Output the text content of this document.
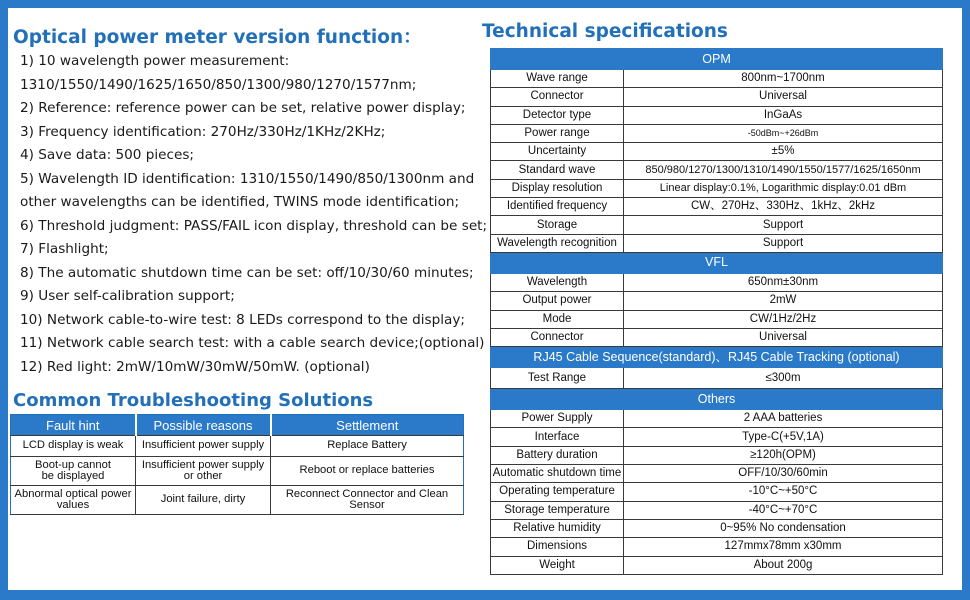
Optical power meter version function：
1) 10 wavelength power measurement:
1310/1550/1490/1625/1650/850/1300/980/1270/1577nm;
2) Reference: reference power can be set, relative power display;
3) Frequency identification: 270Hz/330Hz/1KHz/2KHz;
4) Save data: 500 pieces;
5) Wavelength ID identification: 1310/1550/1490/850/1300nm and
other wavelengths can be identified, TWINS mode identification;
6) Threshold judgment: PASS/FAIL icon display, threshold can be set;
7) Flashlight;
8) The automatic shutdown time can be set: off/10/30/60 minutes;
9) User self-calibration support;
10) Network cable-to-wire test: 8 LEDs correspond to the display;
11) Network cable search test: with a cable search device;(optional)
12) Red light: 2mW/10mW/30mW/50mW. (optional)
Common Troubleshooting Solutions
Fault hint	Possible reasons	Settlement
LCD display is weak	Insufficient power supply	Replace Battery
Boot-up cannot be displayed	Insufficient power supply or other	Reboot or replace batteries
Abnormal optical power values	Joint failure, dirty	Reconnect Connector and Clean Sensor
Technical specifications
OPM	
Wave range	800nm~1700nm
Connector	Universal
Detector type	InGaAs
Power range	-50dBm~+26dBm
Uncertainty	±5%
Standard wave	850/980/1270/1300/1310/1490/1550/1577/1625/1650nm
Display resolution	Linear display:0.1%, Logarithmic display:0.01 dBm
Identified frequency	CW、270Hz、330Hz、1kHz、2kHz
Storage	Support
Wavelength recognition	Support
VFL	
Wavelength	650nm±30nm
Output power	2mW
Mode	CW/1Hz/2Hz
Connector	Universal
RJ45 Cable Sequence(standard)、RJ45 Cable Tracking (optional)	
Test Range	≤300m
Others	
Power Supply	2 AAA batteries
Interface	Type-C(+5V,1A)
Battery duration	≥120h(OPM)
Automatic shutdown time	OFF/10/30/60min
Operating temperature	-10°C~+50°C
Storage temperature	-40°C~+70°C
Relative humidity	0~95% No condensation
Dimensions	127mmx78mm x30mm
Weight	About 200g
